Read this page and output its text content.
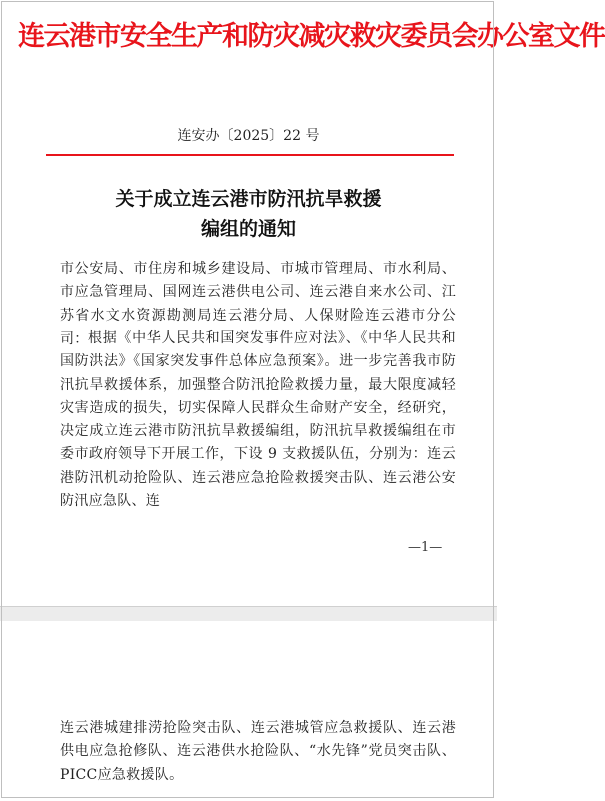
连云港市安全生产和防灾减灾救灾委员会办公室文件
连安办〔2025〕22 号
关于成立连云港市防汛抗旱救援
编组的通知
市公安局、市住房和城乡建设局、市城市管理局、市水利局、市应急管理局、国网连云港供电公司、连云港自来水公司、江苏省水文水资源勘测局连云港分局、人保财险连云港市分公司： 根据《中华人民共和国突发事件应对法》、《中华人民共和国防洪法》《国家突发事件总体应急预案》。进一步完善我市防汛抗旱救援体系，加强整合防汛抢险救援力量，最大限度减轻灾害造成的损失，切实保障人民群众生命财产安全，经研究，决定成立连云港市防汛抗旱救援编组，防汛抗旱救援编组在市委市政府领导下开展工作，下设 9 支救援队伍，分别为：连云港防汛机动抢险队、连云港应急抢险救援突击队、连云港公安防汛应急队、连
—1—
连云港城建排涝抢险突击队、连云港城管应急救援队、连云港供电应急抢修队、连云港供水抢险队、“水先锋”党员突击队、PICC应急救援队。
